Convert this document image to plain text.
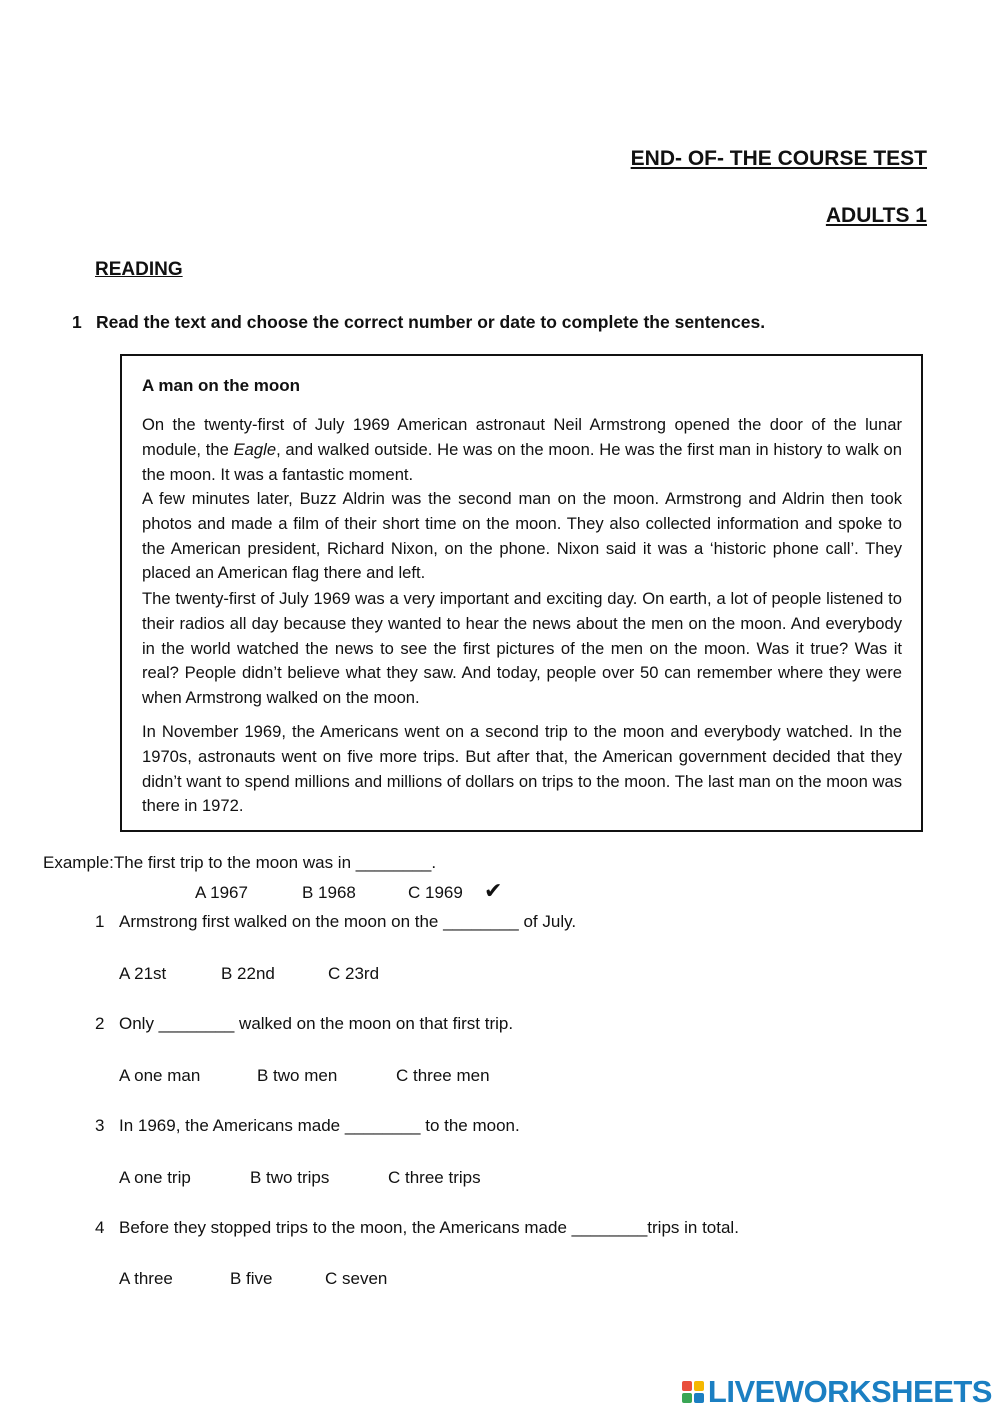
END- OF- THE COURSE TEST
ADULTS 1
READING
1 Read the text and choose the correct number or date to complete the sentences.
A man on the moon

On the twenty-first of July 1969 American astronaut Neil Armstrong opened the door of the lunar module, the Eagle, and walked outside. He was on the moon. He was the first man in history to walk on the moon. It was a fantastic moment.

A few minutes later, Buzz Aldrin was the second man on the moon. Armstrong and Aldrin then took photos and made a film of their short time on the moon. They also collected information and spoke to the American president, Richard Nixon, on the phone. Nixon said it was a ‘historic phone call’. They placed an American flag there and left.

The twenty-first of July 1969 was a very important and exciting day. On earth, a lot of people listened to their radios all day because they wanted to hear the news about the men on the moon. And everybody in the world watched the news to see the first pictures of the men on the moon. Was it true? Was it real? People didn’t believe what they saw. And today, people over 50 can remember where they were when Armstrong walked on the moon.

In November 1969, the Americans went on a second trip to the moon and everybody watched. In the 1970s, astronauts went on five more trips. But after that, the American government decided that they didn’t want to spend millions and millions of dollars on trips to the moon. The last man on the moon was there in 1972.

Example:The first trip to the moon was in ________.
A 1967	B 1968	C 1969 ✔
1 Armstrong first walked on the moon on the ________ of July.
A 21st	B 22nd	C 23rd
2 Only ________ walked on the moon on that first trip.
A one man	B two men	C three men
3 In 1969, the Americans made ________ to the moon.
A one trip	B two trips	C three trips
4 Before they stopped trips to the moon, the Americans made ________trips in total.
A three	B five	C seven
LIVEWORKSHEETS
